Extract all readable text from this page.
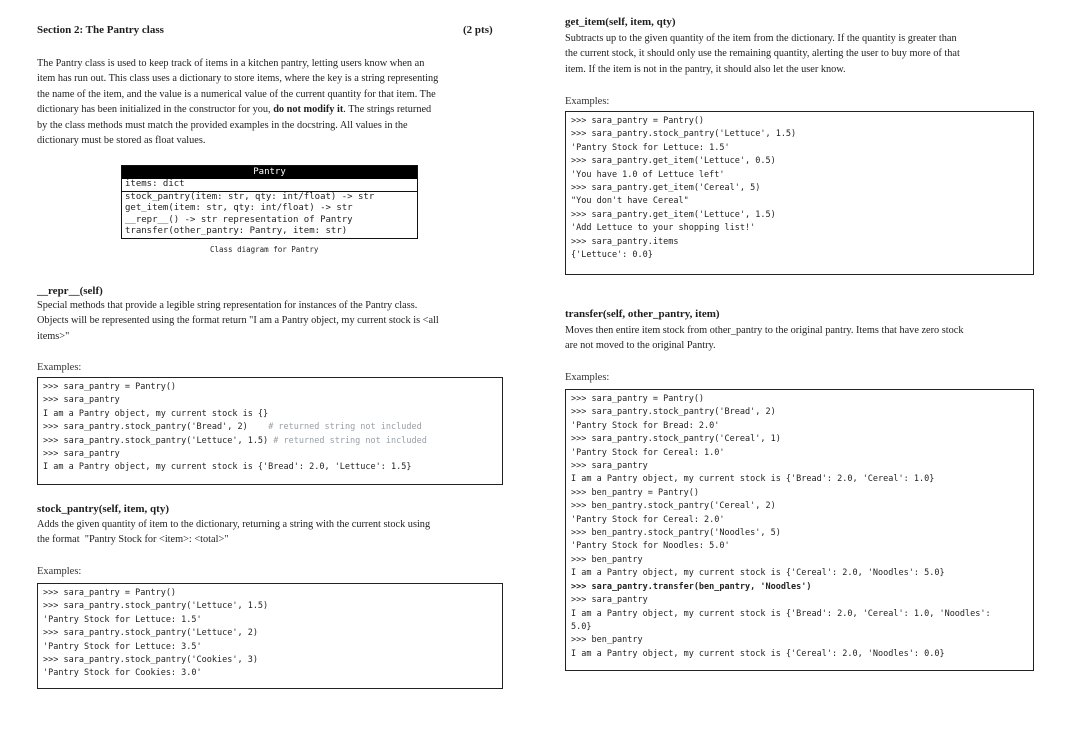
Section 2: The Pantry class	(2 pts)
The Pantry class is used to keep track of items in a kitchen pantry, letting users know when an
item has run out. This class uses a dictionary to store items, where the key is a string representing
the name of the item, and the value is a numerical value of the current quantity for that item. The
dictionary has been initialized in the constructor for you, do not modify it. The strings returned
by the class methods must match the provided examples in the docstring. All values in the
dictionary must be stored as float values.
Pantry
items: dict
stock_pantry(item: str, qty: int/float) -> str
get_item(item: str, qty: int/float) -> str
__repr__() -> str representation of Pantry
transfer(other_pantry: Pantry, item: str)
Class diagram for Pantry
__repr__(self)
Special methods that provide a legible string representation for instances of the Pantry class.
Objects will be represented using the format return "I am a Pantry object, my current stock is <all
items>"
Examples:
>>> sara_pantry = Pantry()
>>> sara_pantry
I am a Pantry object, my current stock is {}
>>> sara_pantry.stock_pantry('Bread', 2) # returned string not included
>>> sara_pantry.stock_pantry('Lettuce', 1.5) # returned string not included
>>> sara_pantry
I am a Pantry object, my current stock is {'Bread': 2.0, 'Lettuce': 1.5}
stock_pantry(self, item, qty)
Adds the given quantity of item to the dictionary, returning a string with the current stock using
the format  "Pantry Stock for <item>: <total>"
Examples:
>>> sara_pantry = Pantry()
>>> sara_pantry.stock_pantry('Lettuce', 1.5)
'Pantry Stock for Lettuce: 1.5'
>>> sara_pantry.stock_pantry('Lettuce', 2)
'Pantry Stock for Lettuce: 3.5'
>>> sara_pantry.stock_pantry('Cookies', 3)
'Pantry Stock for Cookies: 3.0'
get_item(self, item, qty)
Subtracts up to the given quantity of the item from the dictionary. If the quantity is greater than
the current stock, it should only use the remaining quantity, alerting the user to buy more of that
item. If the item is not in the pantry, it should also let the user know.
Examples:
>>> sara_pantry = Pantry()
>>> sara_pantry.stock_pantry('Lettuce', 1.5)
'Pantry Stock for Lettuce: 1.5'
>>> sara_pantry.get_item('Lettuce', 0.5)
'You have 1.0 of Lettuce left'
>>> sara_pantry.get_item('Cereal', 5)
"You don't have Cereal"
>>> sara_pantry.get_item('Lettuce', 1.5)
'Add Lettuce to your shopping list!'
>>> sara_pantry.items
{'Lettuce': 0.0}
transfer(self, other_pantry, item)
Moves then entire item stock from other_pantry to the original pantry. Items that have zero stock
are not moved to the original Pantry.
Examples:
>>> sara_pantry = Pantry()
>>> sara_pantry.stock_pantry('Bread', 2)
'Pantry Stock for Bread: 2.0'
>>> sara_pantry.stock_pantry('Cereal', 1)
'Pantry Stock for Cereal: 1.0'
>>> sara_pantry
I am a Pantry object, my current stock is {'Bread': 2.0, 'Cereal': 1.0}
>>> ben_pantry = Pantry()
>>> ben_pantry.stock_pantry('Cereal', 2)
'Pantry Stock for Cereal: 2.0'
>>> ben_pantry.stock_pantry('Noodles', 5)
'Pantry Stock for Noodles: 5.0'
>>> ben_pantry
I am a Pantry object, my current stock is {'Cereal': 2.0, 'Noodles': 5.0}
>>> sara_pantry.transfer(ben_pantry, 'Noodles')
>>> sara_pantry
I am a Pantry object, my current stock is {'Bread': 2.0, 'Cereal': 1.0, 'Noodles':
5.0}
>>> ben_pantry
I am a Pantry object, my current stock is {'Cereal': 2.0, 'Noodles': 0.0}
